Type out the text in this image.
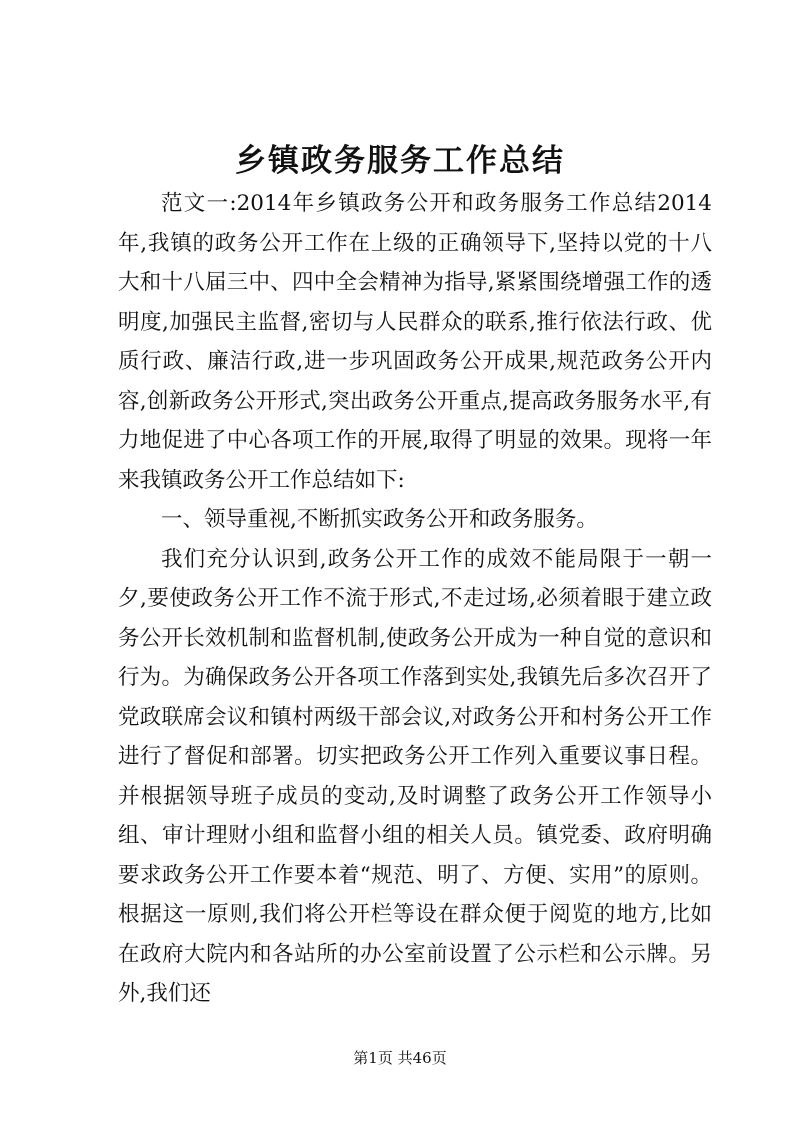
乡镇政务服务工作总结

范文一:2014年乡镇政务公开和政务服务工作总结2014年,我镇的政务公开工作在上级的正确领导下,坚持以党的十八大和十八届三中、四中全会精神为指导,紧紧围绕增强工作的透明度,加强民主监督,密切与人民群众的联系,推行依法行政、优质行政、廉洁行政,进一步巩固政务公开成果,规范政务公开内容,创新政务公开形式,突出政务公开重点,提高政务服务水平,有力地促进了中心各项工作的开展,取得了明显的效果。现将一年来我镇政务公开工作总结如下:

一、领导重视,不断抓实政务公开和政务服务。

我们充分认识到,政务公开工作的成效不能局限于一朝一夕,要使政务公开工作不流于形式,不走过场,必须着眼于建立政务公开长效机制和监督机制,使政务公开成为一种自觉的意识和行为。为确保政务公开各项工作落到实处,我镇先后多次召开了党政联席会议和镇村两级干部会议,对政务公开和村务公开工作进行了督促和部署。切实把政务公开工作列入重要议事日程。并根据领导班子成员的变动,及时调整了政务公开工作领导小组、审计理财小组和监督小组的相关人员。镇党委、政府明确要求政务公开工作要本着“规范、明了、方便、实用”的原则。根据这一原则,我们将公开栏等设在群众便于阅览的地方,比如在政府大院内和各站所的办公室前设置了公示栏和公示牌。另外,我们还

第1页 共46页
